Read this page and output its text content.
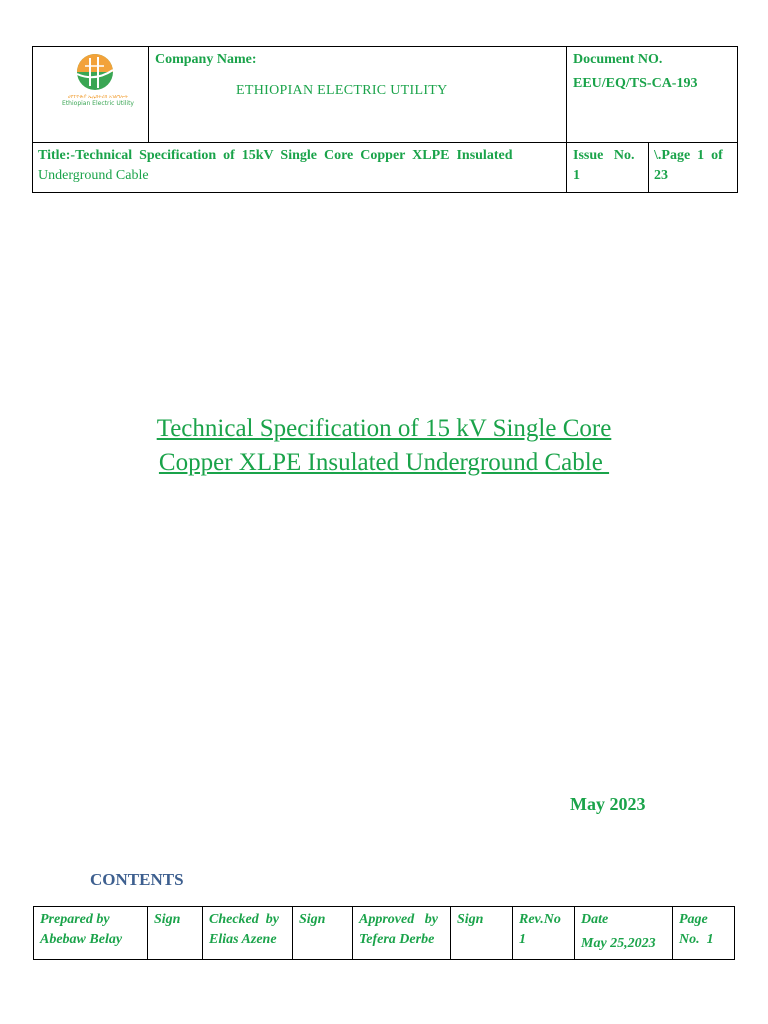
ሀየተዮጵያ ኤሌክትሪክ አገልግሎት
Ethiopian Electric Utility
Company Name:
ETHIOPIAN ELECTRIC UTILITY
Document NO.
EEU/EQ/TS-CA-193
Title:-Technical  Specification  of  15kV  Single  Core  Copper  XLPE  Insulated
Underground Cable
Issue   No.
1
\.Page  1  of
23
Technical Specification of 15 kV Single Core
Copper XLPE Insulated Underground Cable
May 2023
CONTENTS
Prepared by
Abebaw Belay
Sign Checked  by
Elias Azene
Sign Approved   by
Tefera Derbe
Sign	Rev.No
1
Date
May 25,2023
Page
No.  1
